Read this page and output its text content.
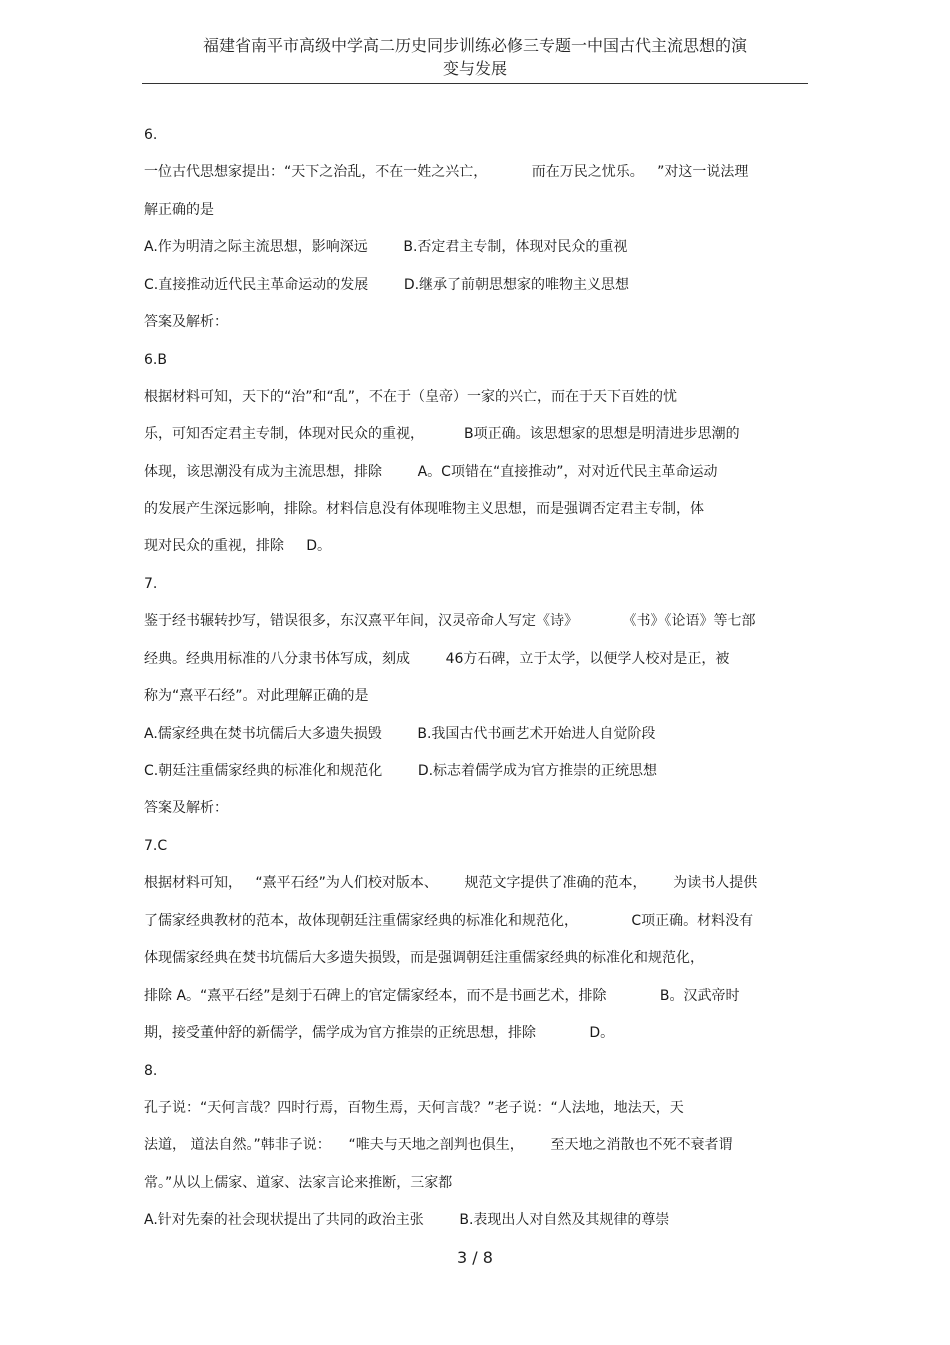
福建省南平市高级中学高二历史同步训练必修三专题一中国古代主流思想的演
变与发展
6.
一位古代思想家提出：“天下之治乱，不在一姓之兴亡，          而在万民之忧乐。   ”对这一说法理
解正确的是
A.作为明清之际主流思想，影响深远        B.否定君主专制，体现对民众的重视
C.直接推动近代民主革命运动的发展        D.继承了前朝思想家的唯物主义思想
答案及解析：
6.B
根据材料可知，天下的“治”和“乱”，不在于（皇帝）一家的兴亡，而在于天下百姓的忧
乐，可知否定君主专制，体现对民众的重视，         B项正确。该思想家的思想是明清进步思潮的
体现，该思潮没有成为主流思想，排除        A。C项错在“直接推动”，对对近代民主革命运动
的发展产生深远影响，排除。材料信息没有体现唯物主义思想，而是强调否定君主专制，体
现对民众的重视，排除     D。
7.
鉴于经书辗转抄写，错误很多，东汉熹平年间，汉灵帝命人写定《诗》          《书》《论语》等七部
经典。经典用标准的八分隶书体写成，刻成        46方石碑，立于太学，以便学人校对是正，被
称为“熹平石经”。对此理解正确的是
A.儒家经典在焚书坑儒后大多遗失损毁        B.我国古代书画艺术开始进人自觉阶段
C.朝廷注重儒家经典的标准化和规范化        D.标志着儒学成为官方推崇的正统思想
答案及解析：
7.C
根据材料可知，   “熹平石经”为人们校对版本、      规范文字提供了准确的范本，      为读书人提供
了儒家经典教材的范本，故体现朝廷注重儒家经典的标准化和规范化，            C项正确。材料没有
体现儒家经典在焚书坑儒后大多遗失损毁，而是强调朝廷注重儒家经典的标准化和规范化，
排除 A。“熹平石经”是刻于石碑上的官定儒家经本，而不是书画艺术，排除            B。汉武帝时
期，接受董仲舒的新儒学，儒学成为官方推崇的正统思想，排除            D。
8.
孔子说：“天何言哉？四时行焉，百物生焉，天何言哉？”老子说：“人法地，地法天，天
法道， 道法自然。”韩非子说：    “唯夫与天地之剖判也俱生，      至天地之消散也不死不衰者谓
常。”从以上儒家、道家、法家言论来推断，三家都
A.针对先秦的社会现状提出了共同的政治主张        B.表现出人对自然及其规律的尊崇
3 / 8
